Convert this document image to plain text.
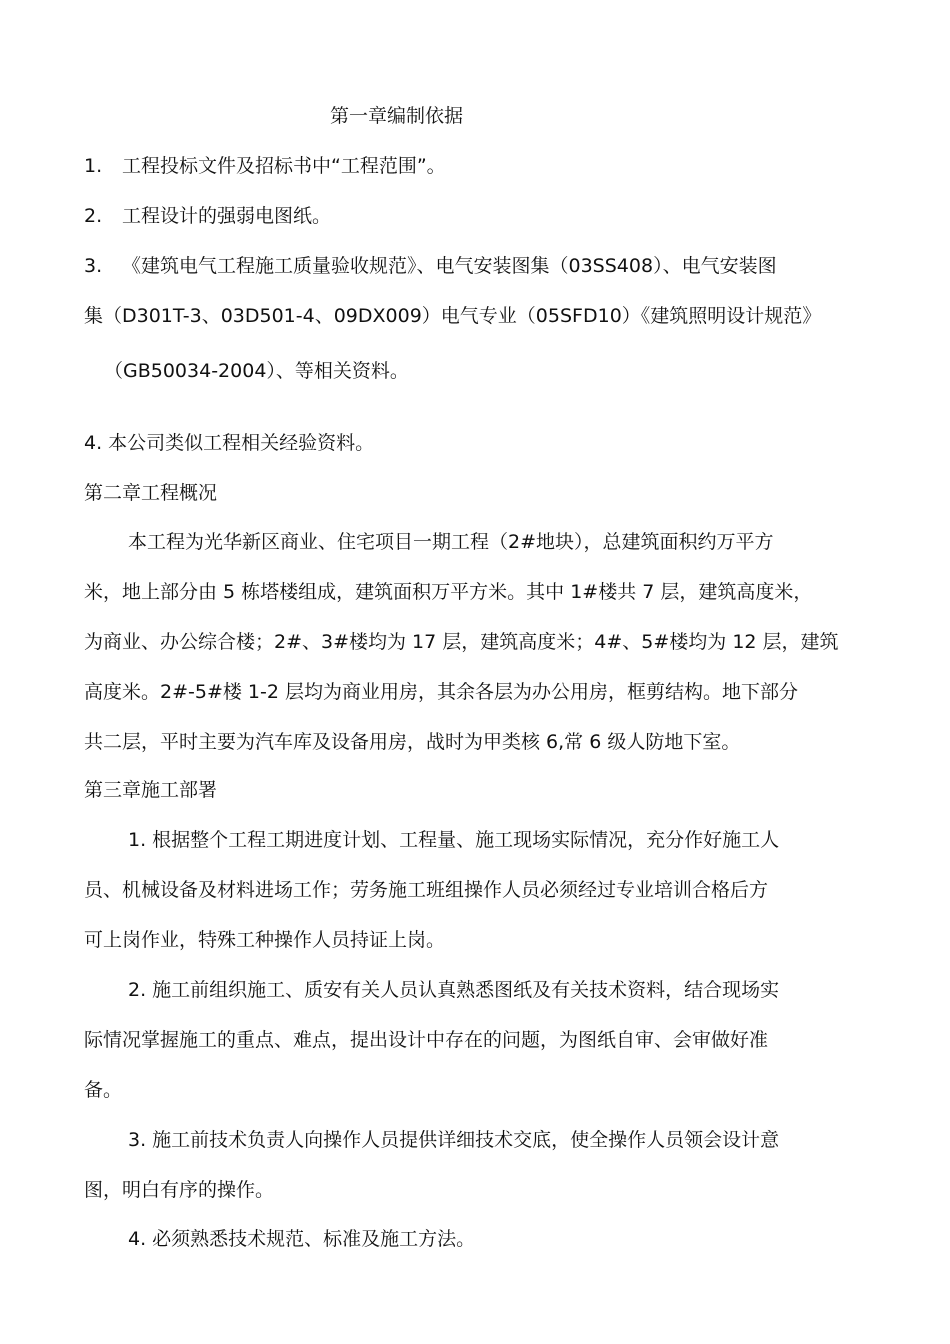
第一章编制依据
1. 工程投标文件及招标书中“工程范围”。
2. 工程设计的强弱电图纸。
3. 《建筑电气工程施工质量验收规范》、电气安装图集（03SS408）、电气安装图
集（D301T-3、03D501-4、09DX009）电气专业（05SFD10）《建筑照明设计规范》
（GB50034-2004）、等相关资料。
4. 本公司类似工程相关经验资料。
第二章工程概况
本工程为光华新区商业、住宅项目一期工程（2#地块），总建筑面积约万平方
米，地上部分由 5 栋塔楼组成，建筑面积万平方米。其中 1#楼共 7 层，建筑高度米，
为商业、办公综合楼；2#、3#楼均为 17 层，建筑高度米；4#、5#楼均为 12 层，建筑
高度米。2#-5#楼 1-2 层均为商业用房，其余各层为办公用房，框剪结构。地下部分
共二层，平时主要为汽车库及设备用房，战时为甲类核 6,常 6 级人防地下室。
第三章施工部署
1. 根据整个工程工期进度计划、工程量、施工现场实际情况，充分作好施工人
员、机械设备及材料进场工作；劳务施工班组操作人员必须经过专业培训合格后方
可上岗作业，特殊工种操作人员持证上岗。
2. 施工前组织施工、质安有关人员认真熟悉图纸及有关技术资料，结合现场实
际情况掌握施工的重点、难点，提出设计中存在的问题，为图纸自审、会审做好准
备。
3. 施工前技术负责人向操作人员提供详细技术交底，使全操作人员领会设计意
图，明白有序的操作。
4. 必须熟悉技术规范、标准及施工方法。
